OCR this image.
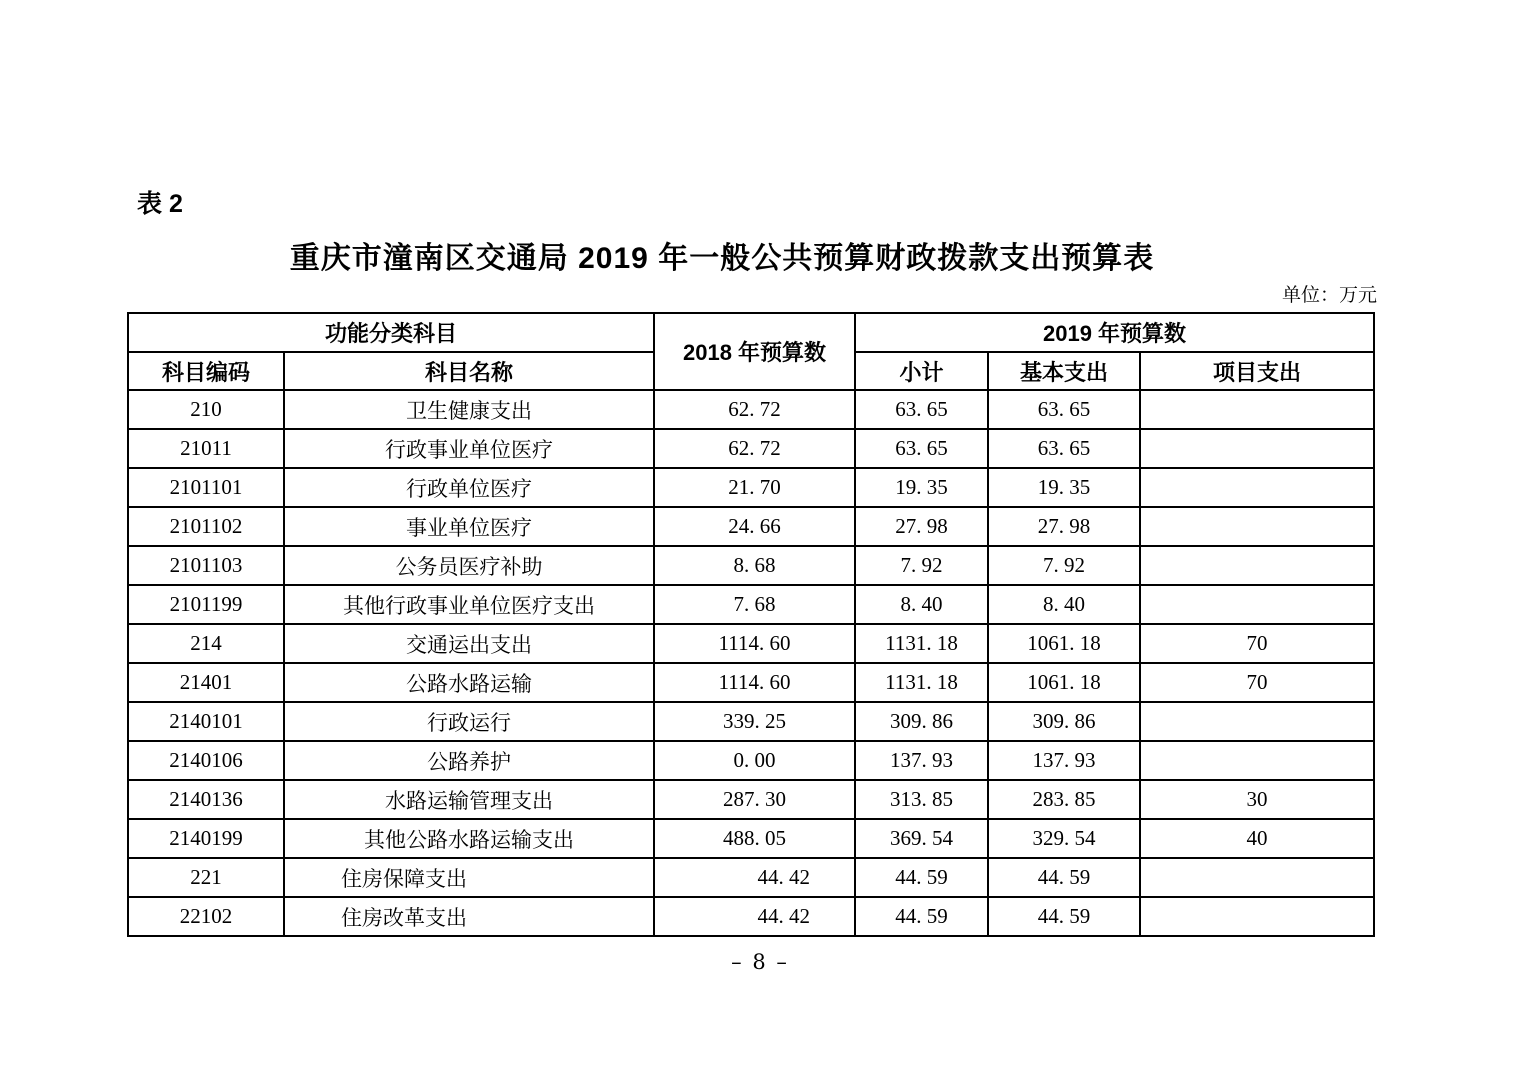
表 2
重庆市潼南区交通局 2019 年一般公共预算财政拨款支出预算表
单位：万元
功能分类科目		2018 年预算数	2019 年预算数		
科目编码	科目名称		小计	基本支出	项目支出
210	卫生健康支出	62. 72	63. 65	63. 65	
21011	行政事业单位医疗	62. 72	63. 65	63. 65	
2101101	行政单位医疗	21. 70	19. 35	19. 35	
2101102	事业单位医疗	24. 66	27. 98	27. 98	
2101103	公务员医疗补助	8. 68	7. 92	7. 92	
2101199	其他行政事业单位医疗支出	7. 68	8. 40	8. 40	
214	交通运出支出	1114. 60	1131. 18	1061. 18	70
21401	公路水路运输	1114. 60	1131. 18	1061. 18	70
2140101	行政运行	339. 25	309. 86	309. 86	
2140106	公路养护	0. 00	137. 93	137. 93	
2140136	水路运输管理支出	287. 30	313. 85	283. 85	30
2140199	其他公路水路运输支出	488. 05	369. 54	329. 54	40
221	住房保障支出	44. 42	44. 59	44. 59	
22102	住房改革支出	44. 42	44. 59	44. 59	
– 8 –
